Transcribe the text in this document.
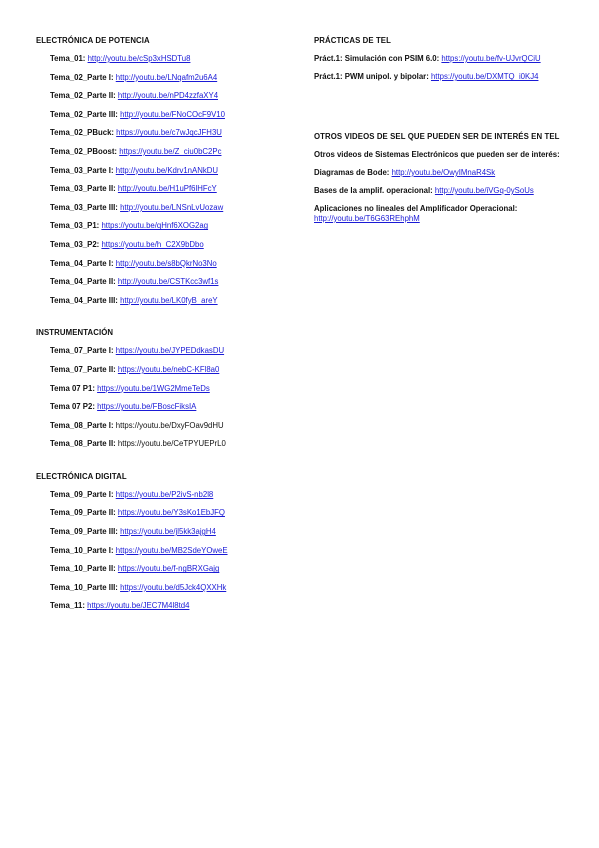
ELECTRÓNICA DE POTENCIA
Tema_01: http://youtu.be/cSp3xHSDTu8
Tema_02_Parte I: http://youtu.be/LNqafm2u6A4
Tema_02_Parte II: http://youtu.be/nPD4zzfaXY4
Tema_02_Parte III: http://youtu.be/FNoCOcF9V10
Tema_02_PBuck: https://youtu.be/c7wJqcJFH3U
Tema_02_PBoost: https://youtu.be/Z_ciu0bC2Pc
Tema_03_Parte I: http://youtu.be/Kdrv1nANkDU
Tema_03_Parte II: http://youtu.be/H1uPf6lHFcY
Tema_03_Parte III: http://youtu.be/LNSnLvUozaw
Tema_03_P1: https://youtu.be/qHnf6XOG2ag
Tema_03_P2: https://youtu.be/h_C2X9bDbo
Tema_04_Parte I: http://youtu.be/s8bQkrNo3No
Tema_04_Parte II: http://youtu.be/CSTKcc3wf1s
Tema_04_Parte III: http://youtu.be/LK0fyB_areY
INSTRUMENTACIÓN
Tema_07_Parte I: https://youtu.be/JYPEDdkasDU
Tema_07_Parte II: https://youtu.be/nebC-KFl8a0
Tema 07 P1: https://youtu.be/1WG2MmeTeDs
Tema 07 P2: https://youtu.be/FBoscFiksIA
Tema_08_Parte I: https://youtu.be/DxyFOav9dHU
Tema_08_Parte II: https://youtu.be/CeTPYUEPrL0
ELECTRÓNICA DIGITAL
Tema_09_Parte I: https://youtu.be/P2ivS-nb2l8
Tema_09_Parte II: https://youtu.be/Y3sKo1EbJFQ
Tema_09_Parte III: https://youtu.be/jl5kk3ajgH4
Tema_10_Parte I: https://youtu.be/MB2SdeYOweE
Tema_10_Parte II: https://youtu.be/f-ngBRXGajg
Tema_10_Parte III: https://youtu.be/d5Jck4QXXHk
Tema_11: https://youtu.be/JEC7M4l8td4
PRÁCTICAS DE TEL
Práct.1: Simulación con PSIM 6.0: https://youtu.be/fv-UJvrQCiU
Práct.1: PWM unipol. y bipolar: https://youtu.be/DXMTQ_i0KJ4
OTROS VIDEOS DE SEL QUE PUEDEN SER DE INTERÉS EN TEL
Otros videos de Sistemas Electrónicos que pueden ser de interés:
Diagramas de Bode: http://youtu.be/OwyIMnaR4Sk
Bases de la amplif. operacional: http://youtu.be/iVGq-0ySoUs
Aplicaciones no lineales del Amplificador Operacional:
http://youtu.be/T6G63REhphM
